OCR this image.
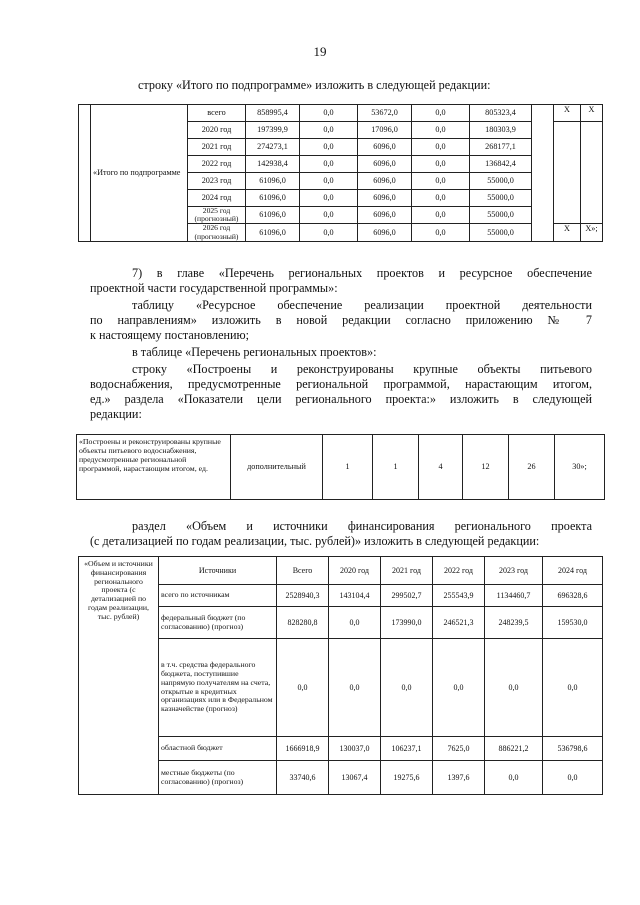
19
строку «Итого по подпрограмме» изложить в следующей редакции:
	«Итого по подпрограмме	всего	858995,4	0,0	53672,0	0,0	805323,4		X	X
		2020 год	197399,9	0,0	17096,0	0,0	180303,9			
		2021 год	274273,1	0,0	6096,0	0,0	268177,1			
		2022 год	142938,4	0,0	6096,0	0,0	136842,4			
		2023 год	61096,0	0,0	6096,0	0,0	55000,0			
		2024 год	61096,0	0,0	6096,0	0,0	55000,0			
		2025 год (прогнозный)	61096,0	0,0	6096,0	0,0	55000,0			
		2026 год (прогнозный)	61096,0	0,0	6096,0	0,0	55000,0		X	X»;
7) в главе «Перечень региональных проектов и ресурсное обеспечение
проектной части государственной программы»:
таблицу «Ресурсное обеспечение реализации проектной деятельности
по направлениям» изложить в новой редакции согласно приложению № 7
к настоящему постановлению;
в таблице «Перечень региональных проектов»:
строку «Построены и реконструированы крупные объекты питьевого
водоснабжения, предусмотренные региональной программой, нарастающим итогом,
ед.» раздела «Показатели цели регионального проекта:» изложить в следующей
редакции:
«Построены и реконструированы крупные объекты питьевого водоснабжения, предусмотренные региональной программой, нарастающим итогом, ед.	дополнительный	1	1	4	12	26	30»;
раздел «Объем и источники финансирования регионального проекта
(с детализацией по годам реализации, тыс. рублей)» изложить в следующей редакции:
«Объем и источники финансирования регионального проекта (с детализацией по годам реализации, тыс. рублей)	Источники	Всего	2020 год	2021 год	2022 год	2023 год	2024 год
	всего по источникам	2528940,3	143104,4	299502,7	255543,9	1134460,7	696328,6
	федеральный бюджет (по согласованию) (прогноз)	828280,8	0,0	173990,0	246521,3	248239,5	159530,0
	в т.ч. средства федерального бюджета, поступившие напрямую получателям на счета, открытые в кредитных организациях или в Федеральном казначействе (прогноз)	0,0	0,0	0,0	0,0	0,0	0,0
	областной бюджет	1666918,9	130037,0	106237,1	7625,0	886221,2	536798,6
	местные бюджеты (по согласованию) (прогноз)	33740,6	13067,4	19275,6	1397,6	0,0	0,0
